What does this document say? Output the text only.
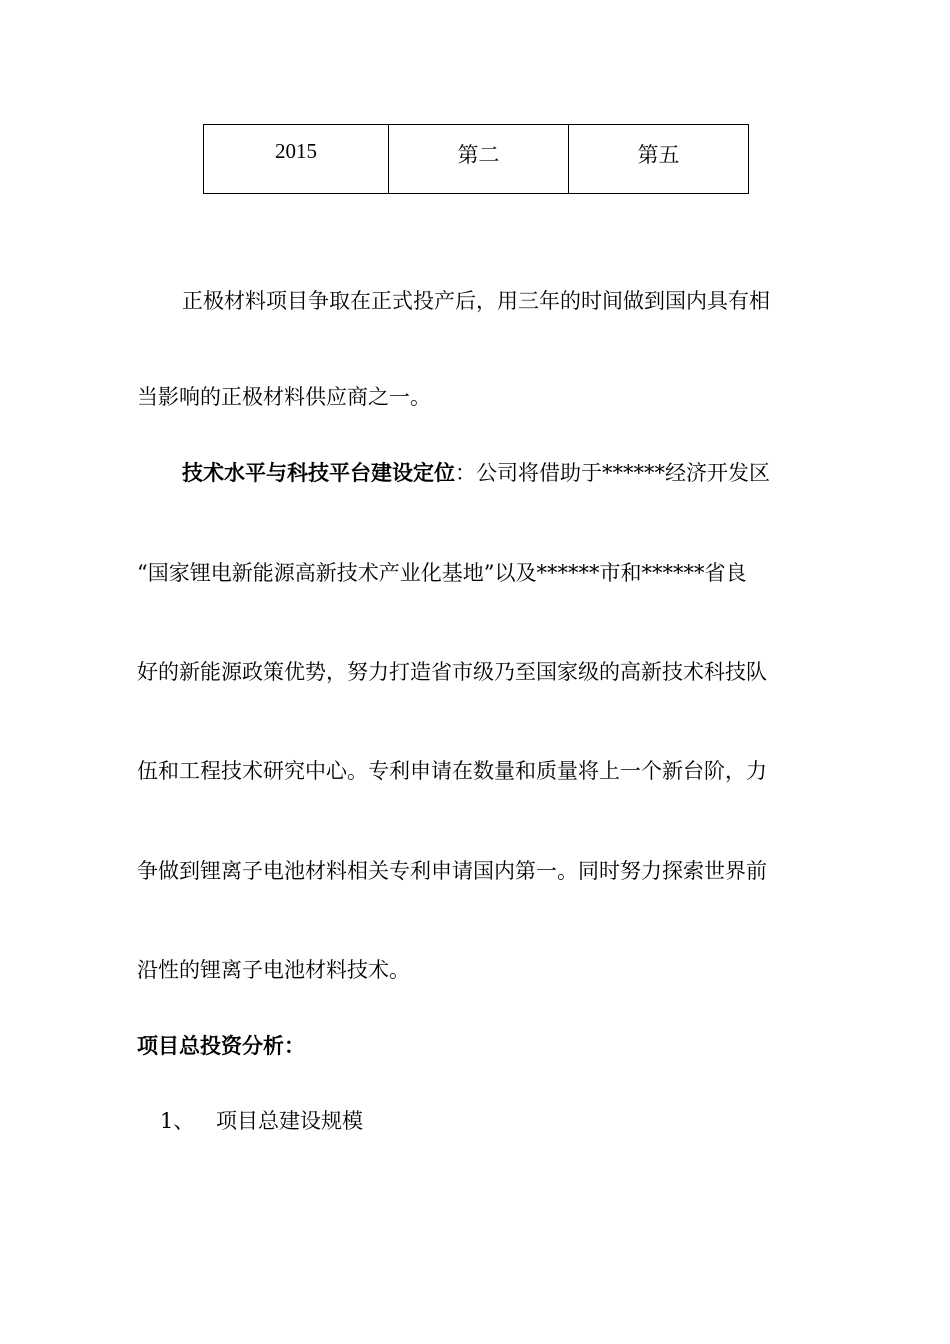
2015	第二	第五
正极材料项目争取在正式投产后，用三年的时间做到国内具有相
当影响的正极材料供应商之一。
技术水平与科技平台建设定位：公司将借助于******经济开发区
“国家锂电新能源高新技术产业化基地”以及******市和******省良
好的新能源政策优势，努力打造省市级乃至国家级的高新技术科技队
伍和工程技术研究中心。专利申请在数量和质量将上一个新台阶，力
争做到锂离子电池材料相关专利申请国内第一。同时努力探索世界前
沿性的锂离子电池材料技术。
项目总投资分析：
1、 项目总建设规模
